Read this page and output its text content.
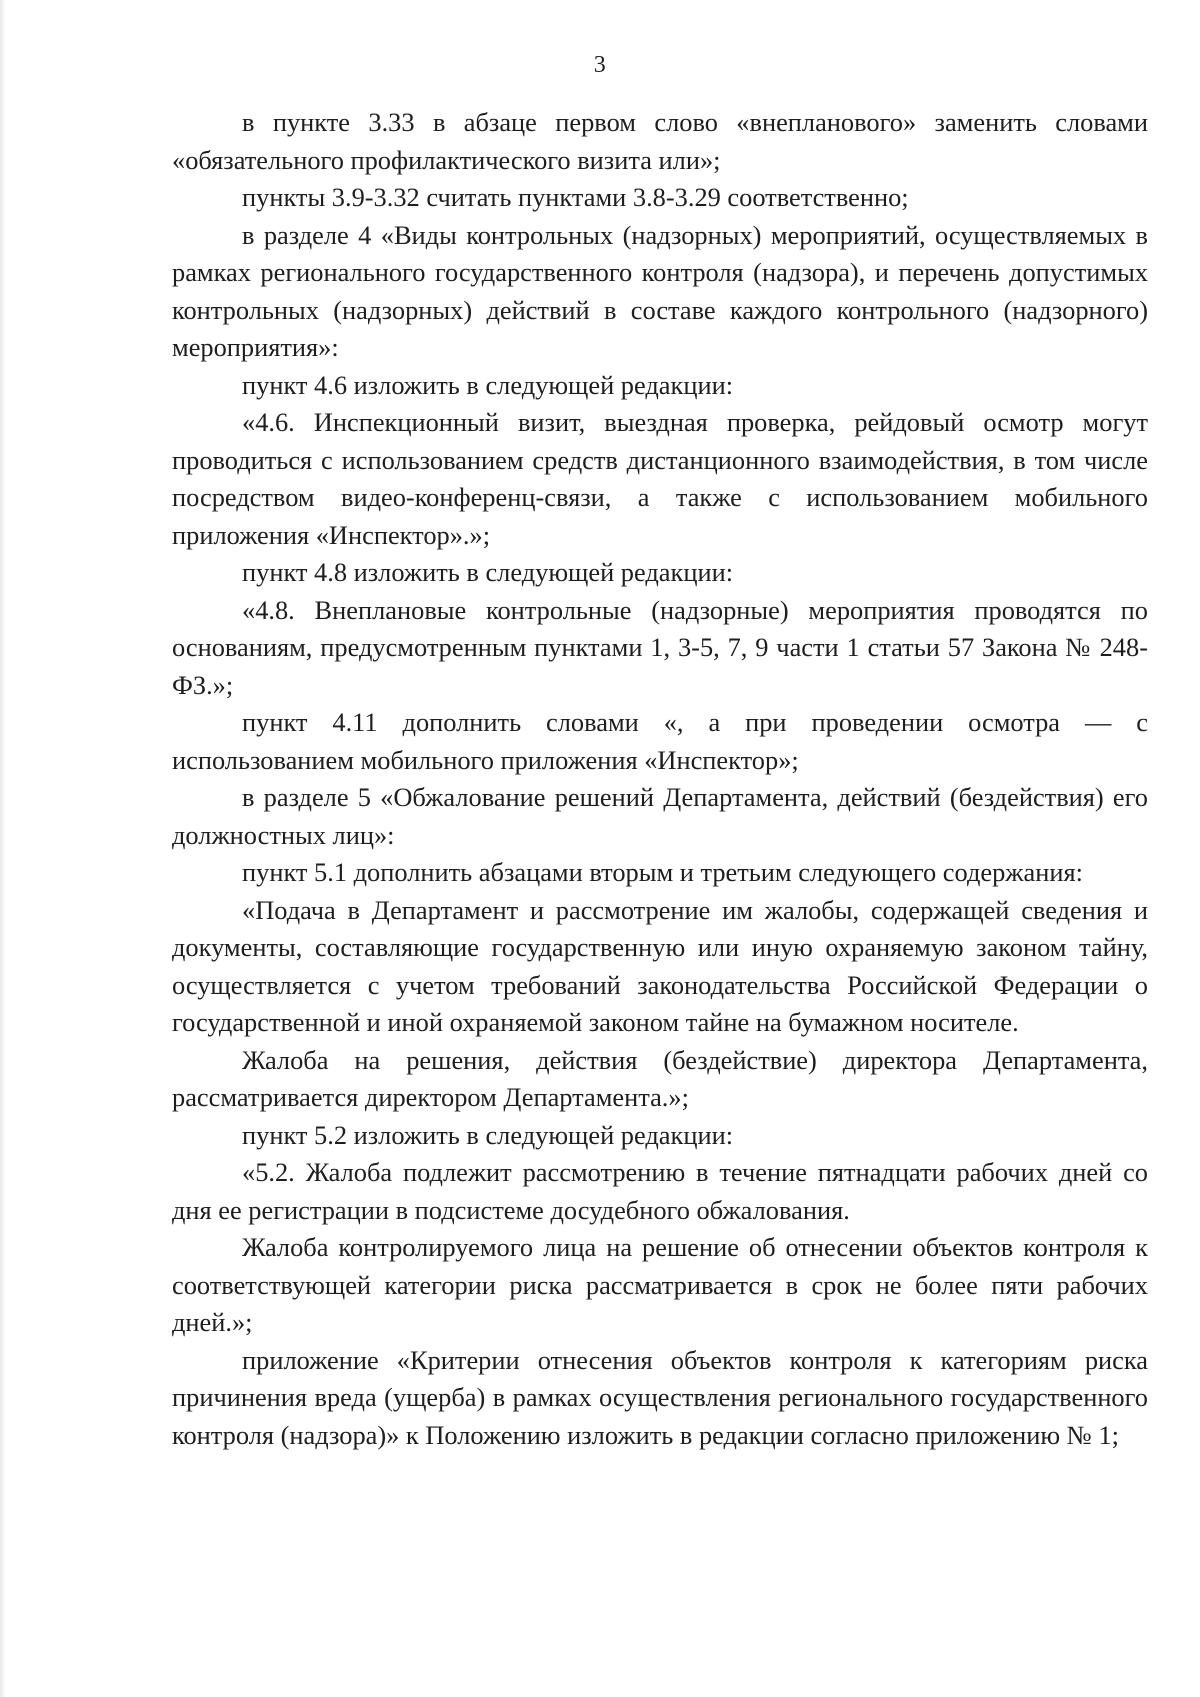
3

в пункте 3.33 в абзаце первом слово «внепланового» заменить словами «обязательного профилактического визита или»;

пункты 3.9-3.32 считать пунктами 3.8-3.29 соответственно;

в разделе 4 «Виды контрольных (надзорных) мероприятий, осуществляемых в рамках регионального государственного контроля (надзора), и перечень допустимых контрольных (надзорных) действий в составе каждого контрольного (надзорного) мероприятия»:

пункт 4.6 изложить в следующей редакции:

«4.6. Инспекционный визит, выездная проверка, рейдовый осмотр могут проводиться с использованием средств дистанционного взаимодействия, в том числе посредством видео-конференц-связи, а также с использованием мобильного приложения «Инспектор».»;

пункт 4.8 изложить в следующей редакции:

«4.8. Внеплановые контрольные (надзорные) мероприятия проводятся по основаниям, предусмотренным пунктами 1, 3-5, 7, 9 части 1 статьи 57 Закона № 248-ФЗ.»;

пункт 4.11 дополнить словами «, а при проведении осмотра — с использованием мобильного приложения «Инспектор»;

в разделе 5 «Обжалование решений Департамента, действий (бездействия) его должностных лиц»:

пункт 5.1 дополнить абзацами вторым и третьим следующего содержания:

«Подача в Департамент и рассмотрение им жалобы, содержащей сведения и документы, составляющие государственную или иную охраняемую законом тайну, осуществляется с учетом требований законодательства Российской Федерации о государственной и иной охраняемой законом тайне на бумажном носителе.

Жалоба на решения, действия (бездействие) директора Департамента, рассматривается директором Департамента.»;

пункт 5.2 изложить в следующей редакции:

«5.2. Жалоба подлежит рассмотрению в течение пятнадцати рабочих дней со дня ее регистрации в подсистеме досудебного обжалования.

Жалоба контролируемого лица на решение об отнесении объектов контроля к соответствующей категории риска рассматривается в срок не более пяти рабочих дней.»;

приложение «Критерии отнесения объектов контроля к категориям риска причинения вреда (ущерба) в рамках осуществления регионального государственного контроля (надзора)» к Положению изложить в редакции согласно приложению № 1;
